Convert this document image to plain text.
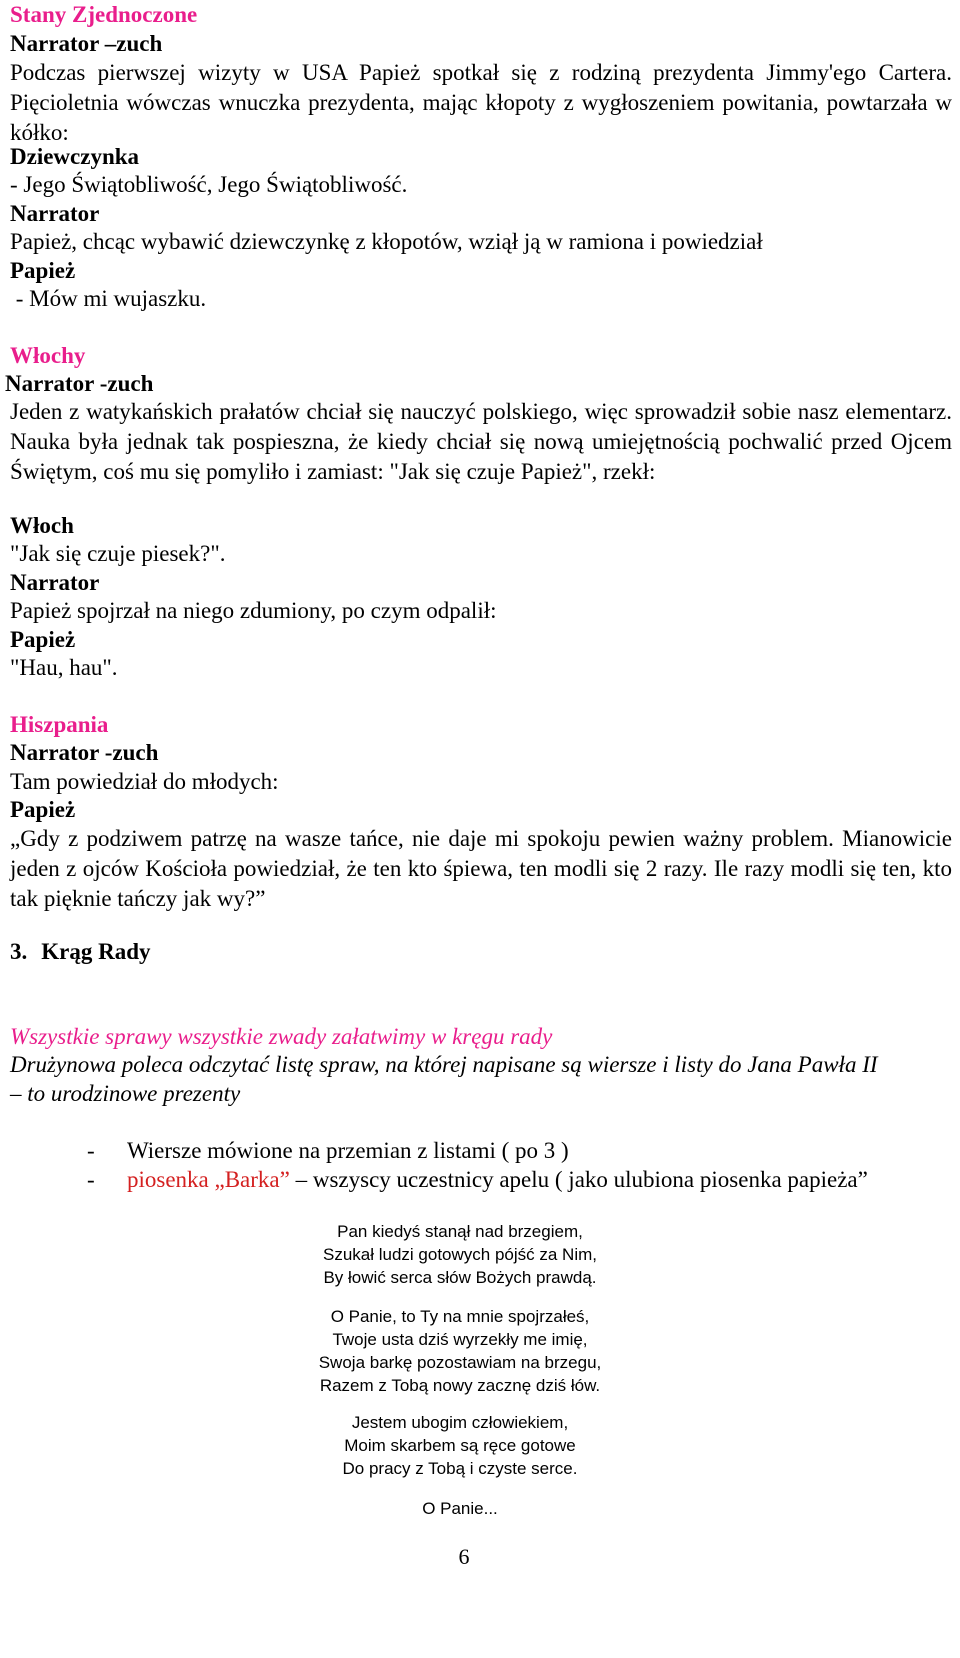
Stany Zjednoczone
Narrator –zuch
Podczas pierwszej wizyty w USA Papież spotkał się z rodziną prezydenta Jimmy'ego Cartera. Pięcioletnia wówczas wnuczka prezydenta, mając kłopoty z wygłoszeniem powitania, powtarzała w kółko:
Dziewczynka
- Jego Świątobliwość, Jego Świątobliwość.
Narrator
Papież, chcąc wybawić dziewczynkę z kłopotów, wziął ją w ramiona i powiedział
Papież
- Mów mi wujaszku.
Włochy
Narrator -zuch
Jeden z watykańskich prałatów chciał się nauczyć polskiego, więc sprowadził sobie nasz elementarz. Nauka była jednak tak pospieszna, że kiedy chciał się nową umiejętnością pochwalić przed Ojcem Świętym, coś mu się pomyliło i zamiast: "Jak się czuje Papież", rzekł:
Włoch
"Jak się czuje piesek?".
Narrator
Papież spojrzał na niego zdumiony, po czym odpalił:
Papież
"Hau, hau".
Hiszpania
Narrator -zuch
Tam powiedział do młodych:
Papież
„Gdy z podziwem patrzę na wasze tańce, nie daje mi spokoju pewien ważny problem. Mianowicie jeden z ojców Kościoła powiedział, że ten kto śpiewa, ten modli się 2 razy. Ile razy modli się ten, kto tak pięknie tańczy jak wy?”
3. Krąg Rady
Wszystkie sprawy wszystkie zwady załatwimy w kręgu rady
Drużynowa poleca odczytać listę spraw, na której napisane są wiersze i listy do Jana Pawła II – to urodzinowe prezenty
- Wiersze mówione na przemian z listami ( po 3 )
- piosenka „Barka” – wszyscy uczestnicy apelu ( jako ulubiona piosenka papieża”
Pan kiedyś stanął nad brzegiem,
Szukał ludzi gotowych pójść za Nim,
By łowić serca słów Bożych prawdą.
O Panie, to Ty na mnie spojrzałeś,
Twoje usta dziś wyrzekły me imię,
Swoja barkę pozostawiam na brzegu,
Razem z Tobą nowy zacznę dziś łów.
Jestem ubogim człowiekiem,
Moim skarbem są ręce gotowe
Do pracy z Tobą i czyste serce.
O Panie...
6
